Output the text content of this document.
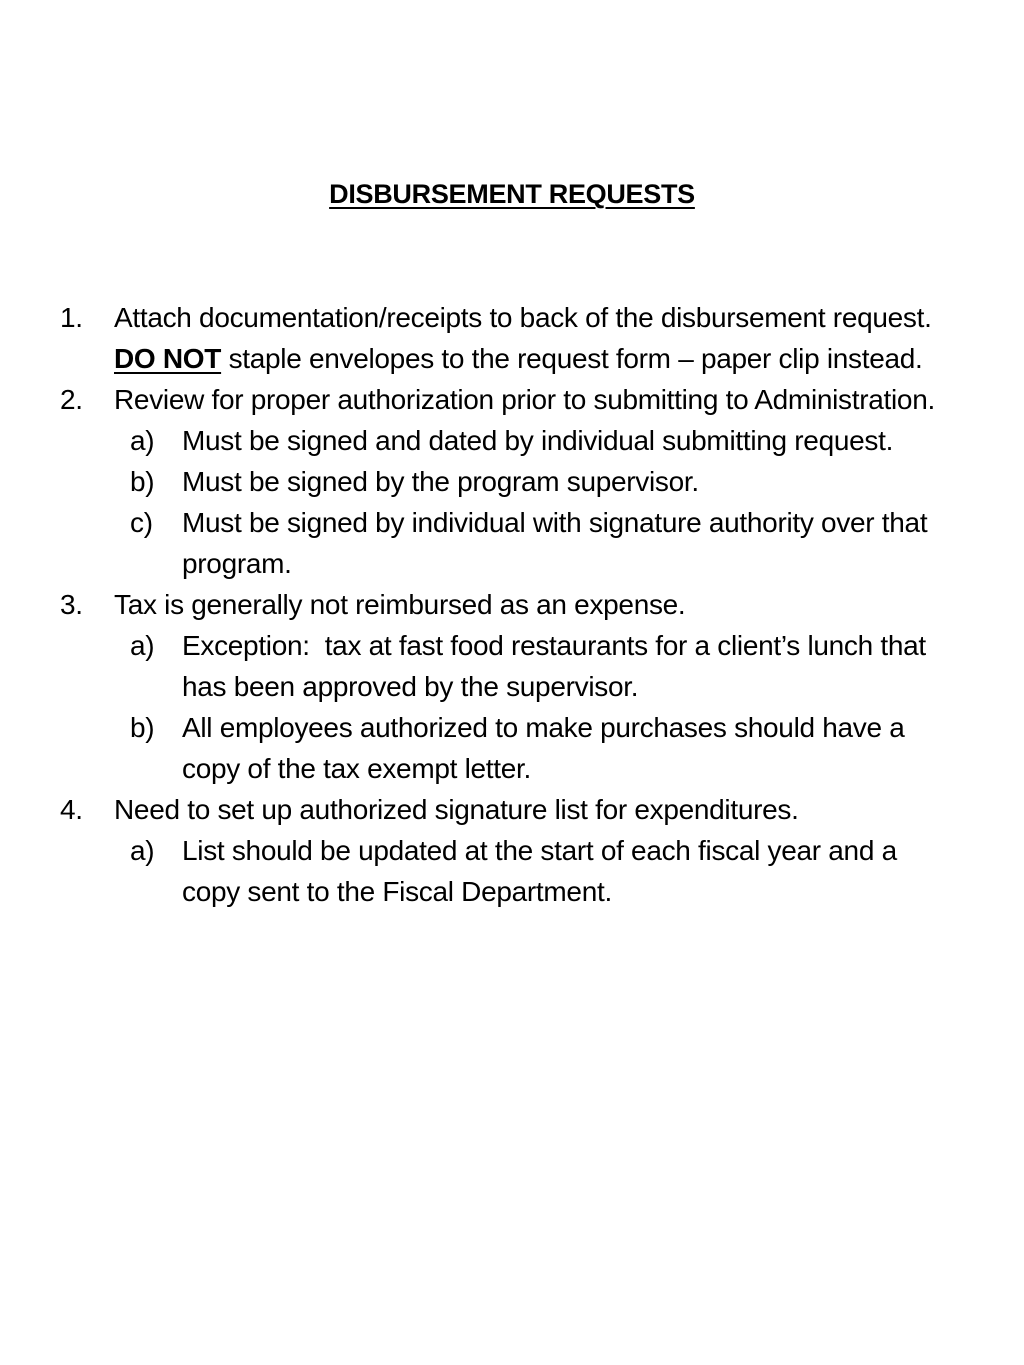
DISBURSEMENT REQUESTS
1. Attach documentation/receipts to back of the disbursement request.  DO NOT staple envelopes to the request form – paper clip instead.
2. Review for proper authorization prior to submitting to Administration.
a) Must be signed and dated by individual submitting request.
b) Must be signed by the program supervisor.
c) Must be signed by individual with signature authority over that program.
3. Tax is generally not reimbursed as an expense.
a) Exception:  tax at fast food restaurants for a client’s lunch that has been approved by the supervisor.
b) All employees authorized to make purchases should have a copy of the tax exempt letter.
4. Need to set up authorized signature list for expenditures.
a) List should be updated at the start of each fiscal year and a copy sent to the Fiscal Department.
